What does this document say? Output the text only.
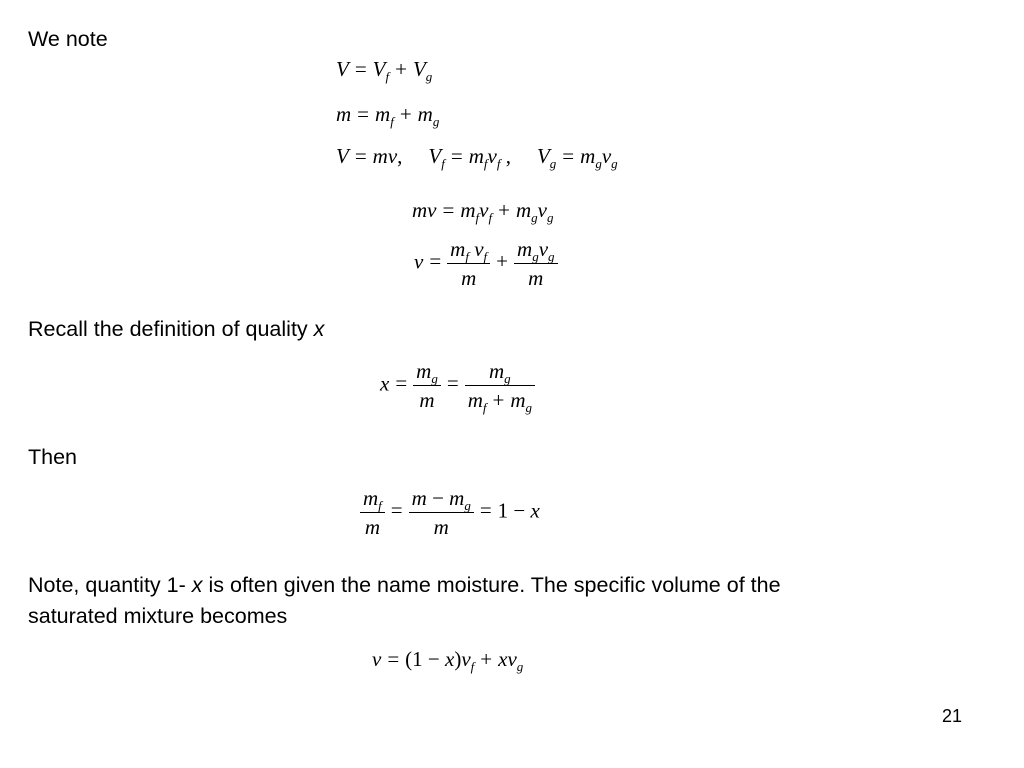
We note

$V = V_f + V_g$
$m = m_f + m_g$
V = mv, $V_f = m_fv_f$ , $V_g = m_gv_g$
mv = $m_fv_f + m_gv_g$
$v = \frac{m_f v_f}{m} + \frac{m_gv_g}{m}$

Recall the definition of quality x

$x = \frac{m_g}{m} = \frac{m_g}{m_f + m_g}$

Then

$\frac{m_f}{m} = \frac{m - m_g}{m} = 1 - x$

Note, quantity 1- x is often given the name moisture. The specific volume of the

saturated mixture becomes

$v = (1 - x)v_f + xv_g$
21
